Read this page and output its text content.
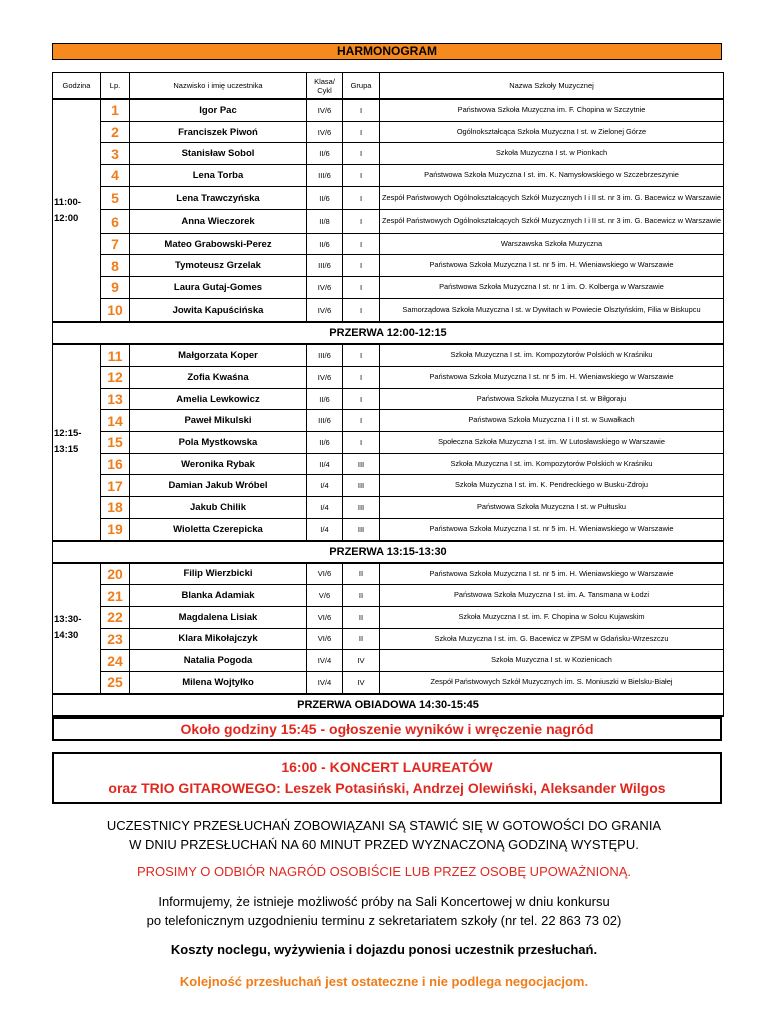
HARMONOGRAM
Godzina	Lp.	Nazwisko i imię uczestnika	Klasa/ Cykl	Grupa	Nazwa Szkoły Muzycznej
11:00- 12:00	1	Igor Pac	IV/6	I	Państwowa Szkoła Muzyczna im. F. Chopina w Szczytnie
	2	Franciszek Piwoń	IV/6	I	Ogólnokształcąca Szkoła Muzyczna I st. w Zielonej Górze
	3	Stanisław Sobol	II/6	I	Szkoła Muzyczna I st. w Pionkach
	4	Lena Torba	III/6	I	Państwowa Szkoła Muzyczna I st. im. K. Namysłowskiego w Szczebrzeszynie
	5	Lena Trawczyńska	II/6	I	Zespół Państwowych Ogólnokształcących Szkół Muzycznych I i II st. nr 3 im. G. Bacewicz w Warszawie
	6	Anna Wieczorek	II/8	I	Zespół Państwowych Ogólnokształcących Szkół Muzycznych I i II st. nr 3 im. G. Bacewicz w Warszawie
	7	Mateo Grabowski-Perez	II/6	I	Warszawska Szkoła Muzyczna
	8	Tymoteusz Grzelak	III/6	I	Państwowa Szkoła Muzyczna I st. nr 5 im. H. Wieniawskiego w Warszawie
	9	Laura Gutaj-Gomes	IV/6	I	Państwowa Szkoła Muzyczna I st. nr 1 im. O. Kolberga w Warszawie
	10	Jowita Kapuścińska	IV/6	I	Samorządowa Szkoła Muzyczna I st. w Dywitach w Powiecie Olsztyńskim, Filia w Biskupcu
PRZERWA 12:00-12:15					
12:15- 13:15	11	Małgorzata Koper	III/6	I	Szkoła Muzyczna I st. im. Kompozytorów Polskich w Kraśniku
	12	Zofia Kwaśna	IV/6	I	Państwowa Szkoła Muzyczna I st. nr 5 im. H. Wieniawskiego w Warszawie
	13	Amelia Lewkowicz	II/6	I	Państwowa Szkoła Muzyczna I st. w Biłgoraju
	14	Paweł Mikulski	III/6	I	Państwowa Szkoła Muzyczna I i II st. w Suwałkach
	15	Pola Mystkowska	II/6	I	Społeczna Szkoła Muzyczna I st. im. W Lutosławskiego w Warszawie
	16	Weronika Rybak	II/4	III	Szkoła Muzyczna I st. im. Kompozytorów Polskich w Kraśniku
	17	Damian Jakub Wróbel	I/4	III	Szkoła Muzyczna I st. im. K. Pendreckiego w Busku-Zdroju
	18	Jakub Chilik	I/4	III	Państwowa Szkoła Muzyczna I st. w Pułtusku
	19	Wioletta Czerepicka	I/4	III	Państwowa Szkoła Muzyczna I st. nr 5 im. H. Wieniawskiego w Warszawie
PRZERWA 13:15-13:30					
13:30- 14:30	20	Filip Wierzbicki	VI/6	II	Państwowa Szkoła Muzyczna I st. nr 5 im. H. Wieniawskiego w Warszawie
	21	Blanka Adamiak	V/6	II	Państwowa Szkoła Muzyczna I st. im. A. Tansmana w Łodzi
	22	Magdalena Lisiak	VI/6	II	Szkoła Muzyczna I st. im. F. Chopina w Solcu Kujawskim
	23	Klara Mikołajczyk	VI/6	II	Szkoła Muzyczna I st. im. G. Bacewicz w ZPSM w Gdańsku-Wrzeszczu
	24	Natalia Pogoda	IV/4	IV	Szkoła Muzyczna I st. w Kozienicach
	25	Milena Wojtyłko	IV/4	IV	Zespół Państwowych Szkół Muzycznych im. S. Moniuszki w Bielsku-Białej
PRZERWA OBIADOWA 14:30-15:45					
Około godziny 15:45 - ogłoszenie wyników i wręczenie nagród
16:00 - KONCERT LAUREATÓW
oraz TRIO GITAROWEGO: Leszek Potasiński, Andrzej Olewiński, Aleksander Wilgos
UCZESTNICY PRZESŁUCHAŃ ZOBOWIĄZANI SĄ STAWIĆ SIĘ W GOTOWOŚCI DO GRANIA
W DNIU PRZESŁUCHAŃ NA 60 MINUT PRZED WYZNACZONĄ GODZINĄ WYSTĘPU.
PROSIMY O ODBIÓR NAGRÓD OSOBIŚCIE LUB PRZEZ OSOBĘ UPOWAŻNIONĄ.
Informujemy, że istnieje możliwość próby na Sali Koncertowej w dniu konkursu
po telefonicznym uzgodnieniu terminu z sekretariatem szkoły (nr tel. 22 863 73 02)
Koszty noclegu, wyżywienia i dojazdu ponosi uczestnik przesłuchań.
Kolejność przesłuchań jest ostateczne i nie podlega negocjacjom.
